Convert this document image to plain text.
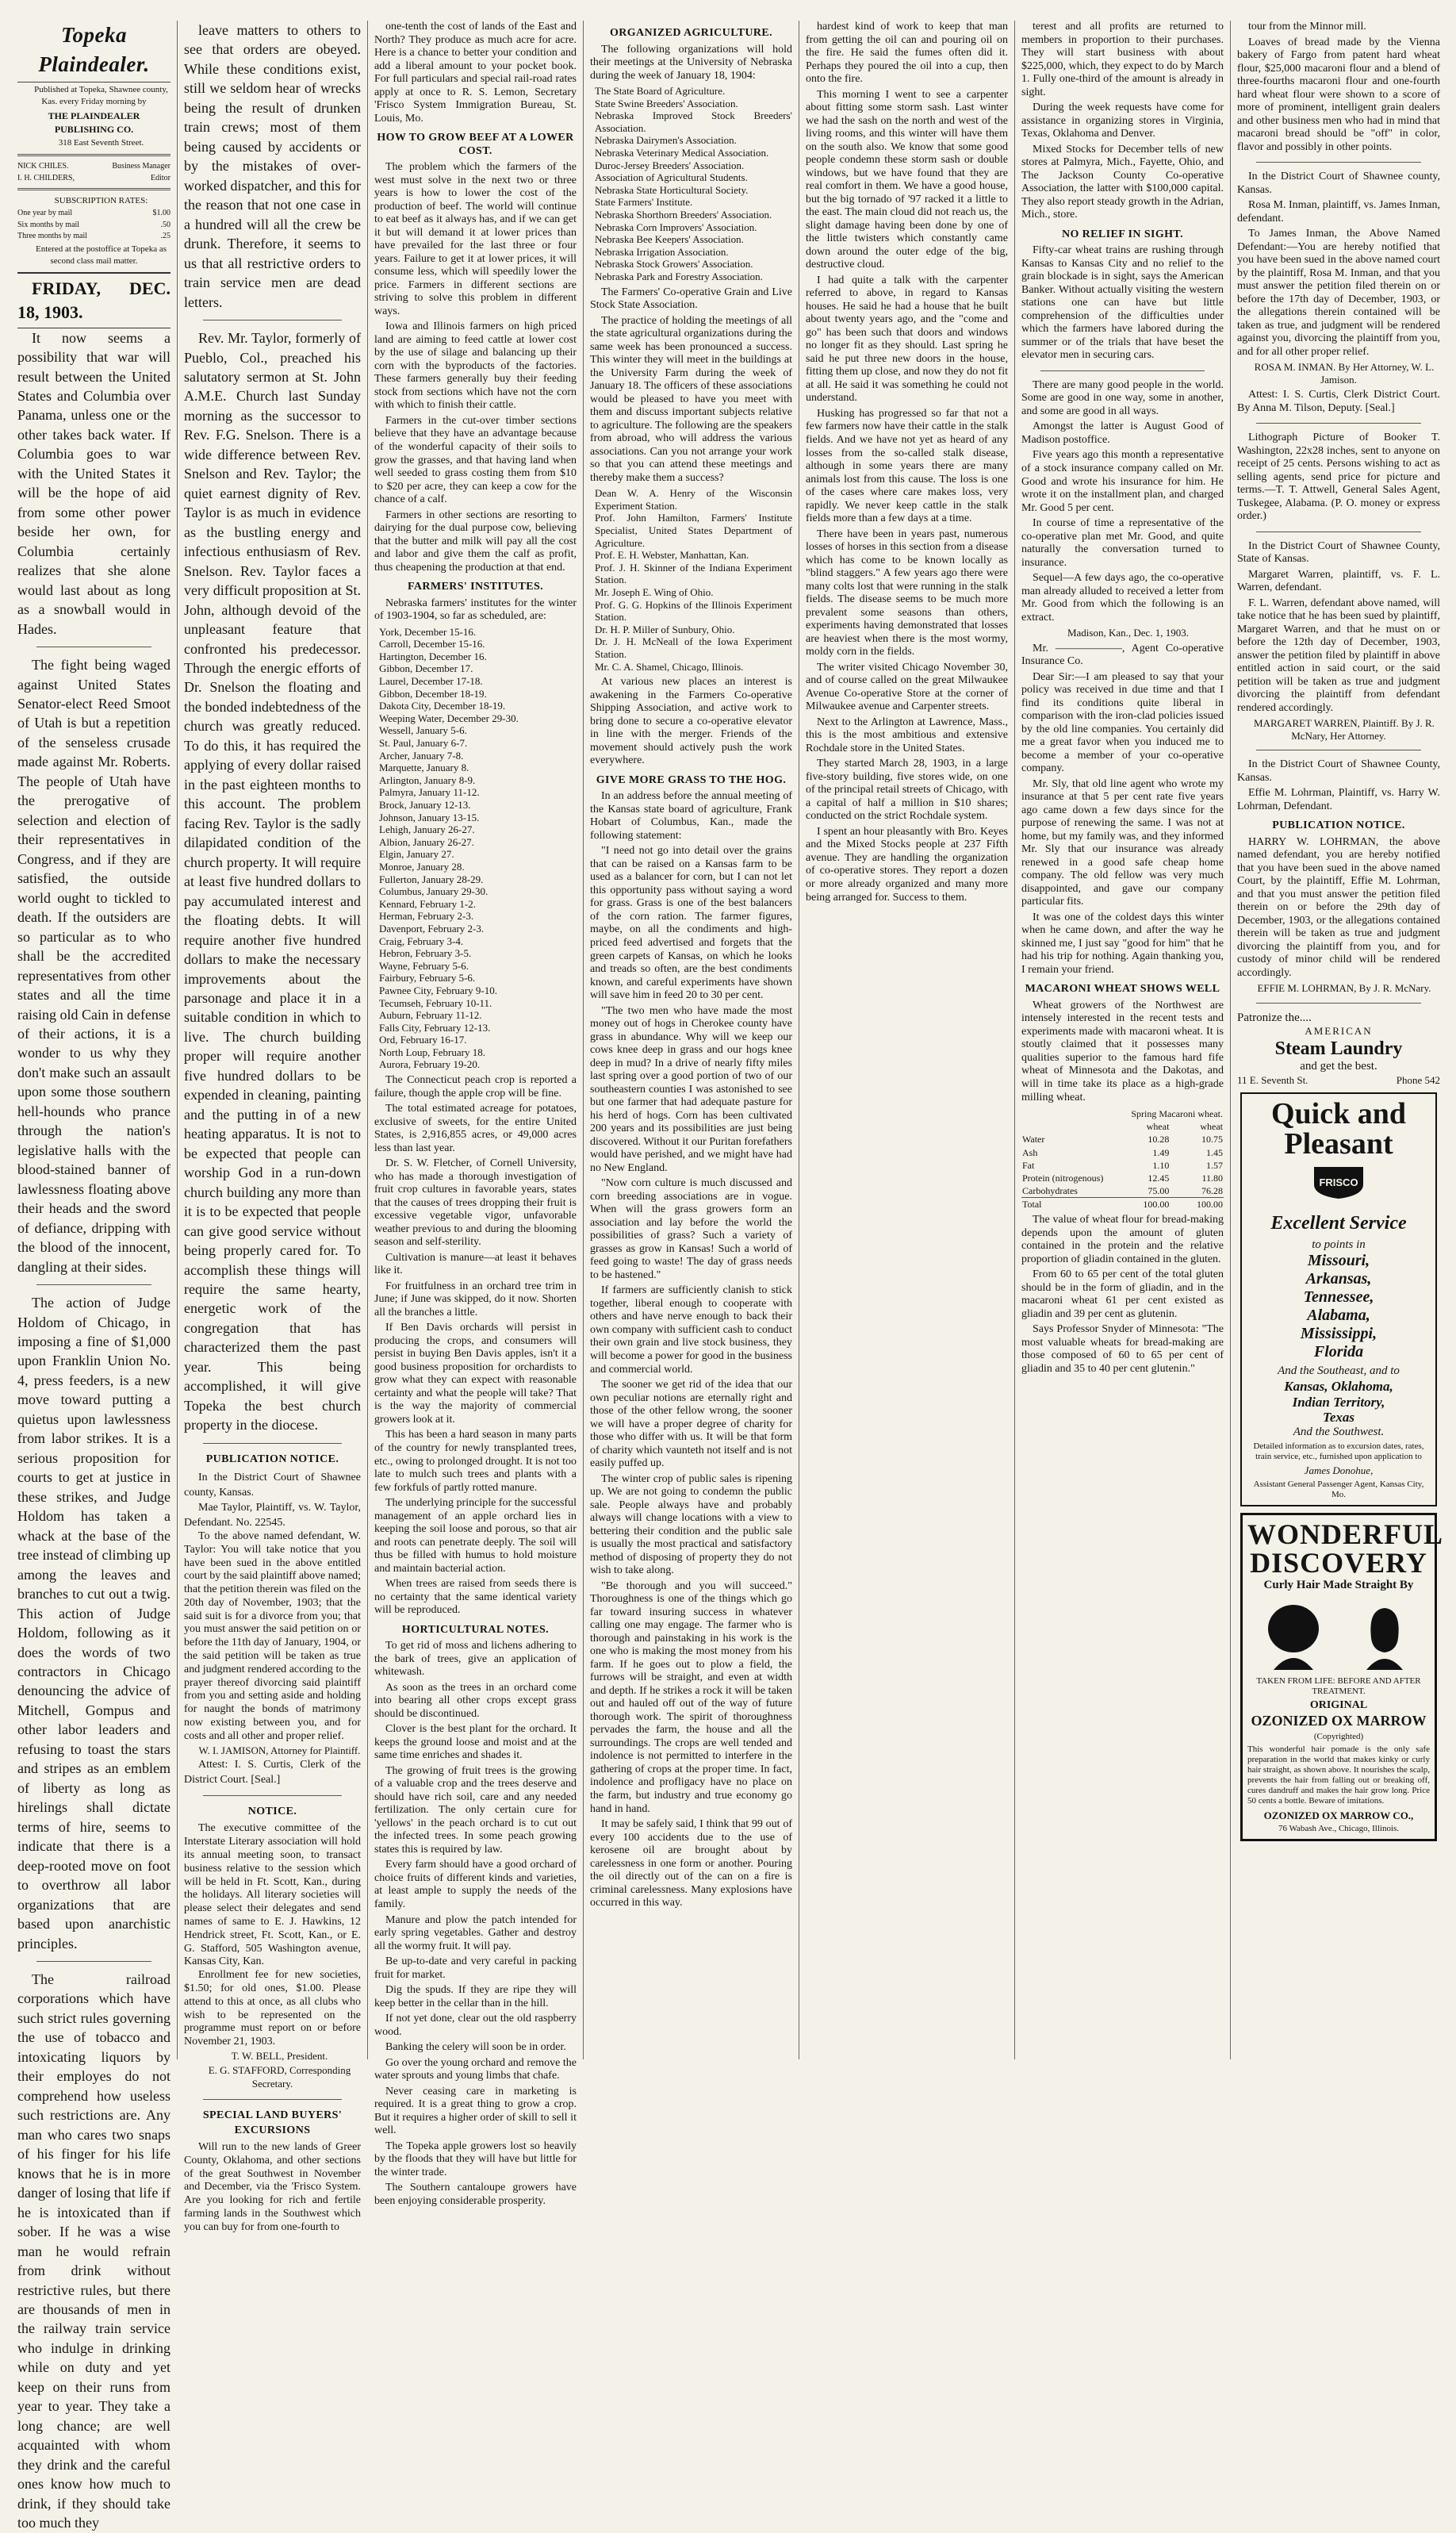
Topeka Plaindealer.

Published at Topeka, Shawnee county, Kas. every Friday morning by

THE PLAINDEALER PUBLISHING CO.

318 East Seventh Street.

NICK CHILES.	Business Manager
I. H. CHILDERS,	Editor

SUBSCRIPTION RATES:

One year by mail	$1.00
Six months by mail	.50
Three months by mail	.25

Entered at the postoffice at Topeka as second class mail matter.

FRIDAY, DEC. 18, 1903.

It now seems a possibility that war will result between the United States and Columbia over Panama, unless one or the other takes back water. If Columbia goes to war with the United States it will be the hope of aid from some other power beside her own, for Columbia certainly realizes that she alone would last about as long as a snowball would in Hades.

The fight being waged against United States Senator-elect Reed Smoot of Utah is but a repetition of the senseless crusade made against Mr. Roberts. The people of Utah have the prerogative of selection and election of their representatives in Congress, and if they are satisfied, the outside world ought to tickled to death. If the outsiders are so particular as to who shall be the accredited representatives from other states and all the time raising old Cain in defense of their actions, it is a wonder to us why they don't make such an assault upon some those southern hell-hounds who prance through the nation's legislative halls with the blood-stained banner of lawlessness floating above their heads and the sword of defiance, dripping with the blood of the innocent, dangling at their sides.

The action of Judge Holdom of Chicago, in imposing a fine of $1,000 upon Franklin Union No. 4, press feeders, is a new move toward putting a quietus upon lawlessness from labor strikes. It is a serious proposition for courts to get at justice in these strikes, and Judge Holdom has taken a whack at the base of the tree instead of climbing up among the leaves and branches to cut out a twig. This action of Judge Holdom, following as it does the words of two contractors in Chicago denouncing the advice of Mitchell, Gompus and other labor leaders and refusing to toast the stars and stripes as an emblem of liberty as long as hirelings shall dictate terms of hire, seems to indicate that there is a deep-rooted move on foot to overthrow all labor organizations that are based upon anarchistic principles.

The railroad corporations which have such strict rules governing the use of tobacco and intoxicating liquors by their employes do not comprehend how useless such restrictions are. Any man who cares two snaps of his finger for his life knows that he is in more danger of losing that life if he is intoxicated than if sober. If he was a wise man he would refrain from drink without restrictive rules, but there are thousands of men in the railway train service who indulge in drinking while on duty and yet keep on their runs from year to year. They take a long chance; are well acquainted with whom they drink and the careful ones know how much to drink, if they should take too much they

leave matters to others to see that orders are obeyed. While these conditions exist, still we seldom hear of wrecks being the result of drunken train crews; most of them being caused by accidents or by the mistakes of over-worked dispatcher, and this for the reason that not one case in a hundred will all the crew be drunk. Therefore, it seems to us that all restrictive orders to train service men are dead letters.

Rev. Mr. Taylor, formerly of Pueblo, Col., preached his salutatory sermon at St. John A.M.E. Church last Sunday morning as the successor to Rev. F.G. Snelson. There is a wide difference between Rev. Snelson and Rev. Taylor; the quiet earnest dignity of Rev. Taylor is as much in evidence as the bustling energy and infectious enthusiasm of Rev. Snelson. Rev. Taylor faces a very difficult proposition at St. John, although devoid of the unpleasant feature that confronted his predecessor. Through the energic efforts of Dr. Snelson the floating and the bonded indebtedness of the church was greatly reduced. To do this, it has required the applying of every dollar raised in the past eighteen months to this account. The problem facing Rev. Taylor is the sadly dilapidated condition of the church property. It will require at least five hundred dollars to pay accumulated interest and the floating debts. It will require another five hundred dollars to make the necessary improvements about the parsonage and place it in a suitable condition in which to live. The church building proper will require another five hundred dollars to be expended in cleaning, painting and the putting in of a new heating apparatus. It is not to be expected that people can worship God in a run-down church building any more than it is to be expected that people can give good service without being properly cared for. To accomplish these things will require the same hearty, energetic work of the congregation that has characterized them the past year. This being accomplished, it will give Topeka the best church property in the diocese.

PUBLICATION NOTICE.

In the District Court of Shawnee county, Kansas.

Mae Taylor, Plaintiff, vs. W. Taylor, Defendant. No. 22545.

To the above named defendant, W. Taylor: You will take notice that you have been sued in the above entitled court by the said plaintiff above named; that the petition therein was filed on the 20th day of November, 1903; that the said suit is for a divorce from you; that you must answer the said petition on or before the 11th day of January, 1904, or the said petition will be taken as true and judgment rendered according to the prayer thereof divorcing said plaintiff from you and setting aside and holding for naught the bonds of matrimony now existing between you, and for costs and all other and proper relief.

W. I. JAMISON, Attorney for Plaintiff.

Attest: I. S. Curtis, Clerk of the District Court. [Seal.]

NOTICE.

The executive committee of the Interstate Literary association will hold its annual meeting soon, to transact business relative to the session which will be held in Ft. Scott, Kan., during the holidays. All literary societies will please select their delegates and send names of same to E. J. Hawkins, 12 Hendrick street, Ft. Scott, Kan., or E. G. Stafford, 505 Washington avenue, Kansas City, Kan.

Enrollment fee for new societies, $1.50; for old ones, $1.00. Please attend to this at once, as all clubs who wish to be represented on the programme must report on or before November 21, 1903.

T. W. BELL, President.

E. G. STAFFORD, Corresponding Secretary.

SPECIAL LAND BUYERS' EXCURSIONS

Will run to the new lands of Greer County, Oklahoma, and other sections of the great Southwest in November and December, via the 'Frisco System. Are you looking for rich and fertile farming lands in the Southwest which you can buy for from one-fourth to

one-tenth the cost of lands of the East and North? They produce as much acre for acre. Here is a chance to better your condition and add a liberal amount to your pocket book. For full particulars and special rail-road rates apply at once to R. S. Lemon, Secretary 'Frisco System Immigration Bureau, St. Louis, Mo.

HOW TO GROW BEEF AT A LOWER COST.

The problem which the farmers of the west must solve in the next two or three years is how to lower the cost of the production of beef. The world will continue to eat beef as it always has, and if we can get it but will demand it at lower prices than have prevailed for the last three or four years. Failure to get it at lower prices, it will consume less, which will speedily lower the price. Farmers in different sections are striving to solve this problem in different ways.

Iowa and Illinois farmers on high priced land are aiming to feed cattle at lower cost by the use of silage and balancing up their corn with the byproducts of the factories. These farmers generally buy their feeding stock from sections which have not the corn with which to finish their cattle.

Farmers in the cut-over timber sections believe that they have an advantage because of the wonderful capacity of their soils to grow the grasses, and that having land when well seeded to grass costing them from $10 to $20 per acre, they can keep a cow for the chance of a calf.

Farmers in other sections are resorting to dairying for the dual purpose cow, believing that the butter and milk will pay all the cost and labor and give them the calf as profit, thus cheapening the production at that end.

FARMERS' INSTITUTES.

Nebraska farmers' institutes for the winter of 1903-1904, so far as scheduled, are:

York, December 15-16.
Carroll, December 15-16.
Hartington, December 16.
Gibbon, December 17.
Laurel, December 17-18.
Gibbon, December 18-19.
Dakota City, December 18-19.
Weeping Water, December 29-30.
Wessell, January 5-6.
St. Paul, January 6-7.
Archer, January 7-8.
Marquette, January 8.
Arlington, January 8-9.
Palmyra, January 11-12.
Brock, January 12-13.
Johnson, January 13-15.
Lehigh, January 26-27.
Albion, January 26-27.
Elgin, January 27.
Monroe, January 28.
Fullerton, January 28-29.
Columbus, January 29-30.
Kennard, February 1-2.
Herman, February 2-3.
Davenport, February 2-3.
Craig, February 3-4.
Hebron, February 3-5.
Wayne, February 5-6.
Fairbury, February 5-6.
Pawnee City, February 9-10.
Tecumseh, February 10-11.
Auburn, February 11-12.
Falls City, February 12-13.
Ord, February 16-17.
North Loup, February 18.
Aurora, February 19-20.

The Connecticut peach crop is reported a failure, though the apple crop will be fine.

The total estimated acreage for potatoes, exclusive of sweets, for the entire United States, is 2,916,855 acres, or 49,000 acres less than last year.

Dr. S. W. Fletcher, of Cornell University, who has made a thorough investigation of fruit crop cultures in favorable years, states that the causes of trees dropping their fruit is excessive vegetable vigor, unfavorable weather previous to and during the blooming season and self-sterility.

Cultivation is manure—at least it behaves like it.

For fruitfulness in an orchard tree trim in June; if June was skipped, do it now. Shorten all the branches a little.

If Ben Davis orchards will persist in producing the crops, and consumers will persist in buying Ben Davis apples, isn't it a good business proposition for orchardists to grow what they can expect with reasonable certainty and what the people will take? That is the way the majority of commercial growers look at it.

This has been a hard season in many parts of the country for newly transplanted trees, etc., owing to prolonged drought. It is not too late to mulch such trees and plants with a few forkfuls of partly rotted manure.

The underlying principle for the successful management of an apple orchard lies in keeping the soil loose and porous, so that air and roots can penetrate deeply. The soil will thus be filled with humus to hold moisture and maintain bacterial action.

When trees are raised from seeds there is no certainty that the same identical variety will be reproduced.

HORTICULTURAL NOTES.

To get rid of moss and lichens adhering to the bark of trees, give an application of whitewash.

As soon as the trees in an orchard come into bearing all other crops except grass should be discontinued.

Clover is the best plant for the orchard. It keeps the ground loose and moist and at the same time enriches and shades it.

The growing of fruit trees is the growing of a valuable crop and the trees deserve and should have rich soil, care and any needed fertilization. The only certain cure for 'yellows' in the peach orchard is to cut out the infected trees. In some peach growing states this is required by law.

Every farm should have a good orchard of choice fruits of different kinds and varieties, at least ample to supply the needs of the family.

Manure and plow the patch intended for early spring vegetables. Gather and destroy all the wormy fruit. It will pay.

Be up-to-date and very careful in packing fruit for market.

Dig the spuds. If they are ripe they will keep better in the cellar than in the hill.

If not yet done, clear out the old raspberry wood.

Banking the celery will soon be in order.

Go over the young orchard and remove the water sprouts and young limbs that chafe.

Never ceasing care in marketing is required. It is a great thing to grow a crop. But it requires a higher order of skill to sell it well.

The Topeka apple growers lost so heavily by the floods that they will have but little for the winter trade.

The Southern cantaloupe growers have been enjoying considerable prosperity.

ORGANIZED AGRICULTURE.

The following organizations will hold their meetings at the University of Nebraska during the week of January 18, 1904:

The State Board of Agriculture.
State Swine Breeders' Association.
Nebraska Improved Stock Breeders' Association.
Nebraska Dairymen's Association.
Nebraska Veterinary Medical Association.
Duroc-Jersey Breeders' Association.
Association of Agricultural Students.
Nebraska State Horticultural Society.
State Farmers' Institute.
Nebraska Shorthorn Breeders' Association.
Nebraska Corn Improvers' Association.
Nebraska Bee Keepers' Association.
Nebraska Irrigation Association.
Nebraska Stock Growers' Association.
Nebraska Park and Forestry Association.

The Farmers' Co-operative Grain and Live Stock State Association.

The practice of holding the meetings of all the state agricultural organizations during the same week has been pronounced a success. This winter they will meet in the buildings at the University Farm during the week of January 18. The officers of these associations would be pleased to have you meet with them and discuss important subjects relative to agriculture. The following are the speakers from abroad, who will address the various associations. Can you not arrange your work so that you can attend these meetings and thereby make them a success?

Dean W. A. Henry of the Wisconsin Experiment Station.
Prof. John Hamilton, Farmers' Institute Specialist, United States Department of Agriculture.
Prof. E. H. Webster, Manhattan, Kan.
Prof. J. H. Skinner of the Indiana Experiment Station.
Mr. Joseph E. Wing of Ohio.
Prof. G. G. Hopkins of the Illinois Experiment Station.
Dr. H. P. Miller of Sunbury, Ohio.
Dr. J. H. McNeall of the Iowa Experiment Station.
Mr. C. A. Shamel, Chicago, Illinois.

At various new places an interest is awakening in the Farmers Co-operative Shipping Association, and active work to bring done to secure a co-operative elevator in line with the merger. Friends of the movement should actively push the work everywhere.

GIVE MORE GRASS TO THE HOG.

In an address before the annual meeting of the Kansas state board of agriculture, Frank Hobart of Columbus, Kan., made the following statement:

"I need not go into detail over the grains that can be raised on a Kansas farm to be used as a balancer for corn, but I can not let this opportunity pass without saying a word for grass. Grass is one of the best balancers of the corn ration. The farmer figures, maybe, on all the condiments and high-priced feed advertised and forgets that the green carpets of Kansas, on which he looks and treads so often, are the best condiments known, and careful experiments have shown will save him in feed 20 to 30 per cent.

"The two men who have made the most money out of hogs in Cherokee county have grass in abundance. Why will we keep our cows knee deep in grass and our hogs knee deep in mud? In a drive of nearly fifty miles last spring over a good portion of two of our southeastern counties I was astonished to see but one farmer that had adequate pasture for his herd of hogs. Corn has been cultivated 200 years and its possibilities are just being discovered. Without it our Puritan forefathers would have perished, and we might have had no New England.

"Now corn culture is much discussed and corn breeding associations are in vogue. When will the grass growers form an association and lay before the world the possibilities of grass? Such a variety of grasses as grow in Kansas! Such a world of feed going to waste! The day of grass needs to be hastened."

If farmers are sufficiently clanish to stick together, liberal enough to cooperate with others and have nerve enough to back their own company with sufficient cash to conduct their own grain and live stock business, they will become a power for good in the business and commercial world.

The sooner we get rid of the idea that our own peculiar notions are eternally right and those of the other fellow wrong, the sooner we will have a proper degree of charity for those who differ with us. It will be that form of charity which vaunteth not itself and is not easily puffed up.

The winter crop of public sales is ripening up. We are not going to condemn the public sale. People always have and probably always will change locations with a view to bettering their condition and the public sale is usually the most practical and satisfactory method of disposing of property they do not wish to take along.

"Be thorough and you will succeed." Thoroughness is one of the things which go far toward insuring success in whatever calling one may engage. The farmer who is thorough and painstaking in his work is the one who is making the most money from his farm. If he goes out to plow a field, the furrows will be straight, and even at width and depth. If he strikes a rock it will be taken out and hauled off out of the way of future thorough work. The spirit of thoroughness pervades the farm, the house and all the surroundings. The crops are well tended and indolence is not permitted to interfere in the gathering of crops at the proper time. In fact, indolence and profligacy have no place on the farm, but industry and true economy go hand in hand.

It may be safely said, I think that 99 out of every 100 accidents due to the use of kerosene oil are brought about by carelessness in one form or another. Pouring the oil directly out of the can on a fire is criminal carelessness. Many explosions have occurred in this way.

hardest kind of work to keep that man from getting the oil can and pouring oil on the fire. He said the fumes often did it. Perhaps they poured the oil into a cup, then onto the fire.

This morning I went to see a carpenter about fitting some storm sash. Last winter we had the sash on the north and west of the living rooms, and this winter will have them on the south also. We know that some good people condemn these storm sash or double windows, but we have found that they are real comfort in them. We have a good house, but the big tornado of '97 racked it a little to the east. The main cloud did not reach us, the slight damage having been done by one of the little twisters which constantly came down around the outer edge of the big, destructive cloud.

I had quite a talk with the carpenter referred to above, in regard to Kansas houses. He said he had a house that he built about twenty years ago, and the "come and go" has been such that doors and windows no longer fit as they should. Last spring he said he put three new doors in the house, fitting them up close, and now they do not fit at all. He said it was something he could not understand.

Husking has progressed so far that not a few farmers now have their cattle in the stalk fields. And we have not yet as heard of any losses from the so-called stalk disease, although in some years there are many animals lost from this cause. The loss is one of the cases where care makes loss, very rapidly. We never keep cattle in the stalk fields more than a few days at a time.

There have been in years past, numerous losses of horses in this section from a disease which has come to be known locally as "blind staggers." A few years ago there were many colts lost that were running in the stalk fields. The disease seems to be much more prevalent some seasons than others, experiments having demonstrated that losses are heaviest when there is the most wormy, moldy corn in the fields.

The writer visited Chicago November 30, and of course called on the great Milwaukee Avenue Co-operative Store at the corner of Milwaukee avenue and Carpenter streets.

Next to the Arlington at Lawrence, Mass., this is the most ambitious and extensive Rochdale store in the United States.

They started March 28, 1903, in a large five-story building, five stores wide, on one of the principal retail streets of Chicago, with a capital of half a million in $10 shares; conducted on the strict Rochdale system.

I spent an hour pleasantly with Bro. Keyes and the Mixed Stocks people at 237 Fifth avenue. They are handling the organization of co-operative stores. They report a dozen or more already organized and many more being arranged for. Success to them.

terest and all profits are returned to members in proportion to their purchases. They will start business with about $225,000, which, they expect to do by March 1. Fully one-third of the amount is already in sight.

During the week requests have come for assistance in organizing stores in Virginia, Texas, Oklahoma and Denver.

Mixed Stocks for December tells of new stores at Palmyra, Mich., Fayette, Ohio, and The Jackson County Co-operative Association, the latter with $100,000 capital. They also report steady growth in the Adrian, Mich., store.

NO RELIEF IN SIGHT.

Fifty-car wheat trains are rushing through Kansas to Kansas City and no relief to the grain blockade is in sight, says the American Banker. Without actually visiting the western stations one can have but little comprehension of the difficulties under which the farmers have labored during the summer or of the trials that have beset the elevator men in securing cars.

There are many good people in the world. Some are good in one way, some in another, and some are good in all ways.

Amongst the latter is August Good of Madison postoffice.

Five years ago this month a representative of a stock insurance company called on Mr. Good and wrote his insurance for him. He wrote it on the installment plan, and charged Mr. Good 5 per cent.

In course of time a representative of the co-operative plan met Mr. Good, and quite naturally the conversation turned to insurance.

Sequel—A few days ago, the co-operative man already alluded to received a letter from Mr. Good from which the following is an extract.

Madison, Kan., Dec. 1, 1903.

Mr. ——————, Agent Co-operative Insurance Co.

Dear Sir:—I am pleased to say that your policy was received in due time and that I find its conditions quite liberal in comparison with the iron-clad policies issued by the old line companies. You certainly did me a great favor when you induced me to become a member of your co-operative company.

Mr. Sly, that old line agent who wrote my insurance at that 5 per cent rate five years ago came down a few days since for the purpose of renewing the same. I was not at home, but my family was, and they informed Mr. Sly that our insurance was already renewed in a good safe cheap home company. The old fellow was very much disappointed, and gave our company particular fits.

It was one of the coldest days this winter when he came down, and after the way he skinned me, I just say "good for him" that he had his trip for nothing. Again thanking you, I remain your friend.

MACARONI WHEAT SHOWS WELL

Wheat growers of the Northwest are intensely interested in the recent tests and experiments made with macaroni wheat. It is stoutly claimed that it possesses many qualities superior to the famous hard fife wheat of Minnesota and the Dakotas, and will in time take its place as a high-grade milling wheat.

	Spring Macaroni wheat.	
	wheat	wheat
Water	10.28	10.75
Ash	1.49	1.45
Fat	1.10	1.57
Protein (nitrogenous)	12.45	11.80
Carbohydrates	75.00	76.28
Total	100.00	100.00

The value of wheat flour for bread-making depends upon the amount of gluten contained in the protein and the relative proportion of gliadin contained in the gluten.

From 60 to 65 per cent of the total gluten should be in the form of gliadin, and in the macaroni wheat 61 per cent existed as gliadin and 39 per cent as glutenin.

Says Professor Snyder of Minnesota: "The most valuable wheats for bread-making are those composed of 60 to 65 per cent of gliadin and 35 to 40 per cent glutenin."

tour from the Minnor mill.

Loaves of bread made by the Vienna bakery of Fargo from patent hard wheat flour, $25,000 macaroni flour and a blend of three-fourths macaroni flour and one-fourth hard wheat flour were shown to a score of more of prominent, intelligent grain dealers and other business men who had in mind that macaroni bread should be "off" in color, flavor and possibly in other points.

In the District Court of Shawnee county, Kansas.

Rosa M. Inman, plaintiff, vs. James Inman, defendant.

To James Inman, the Above Named Defendant:—You are hereby notified that you have been sued in the above named court by the plaintiff, Rosa M. Inman, and that you must answer the petition filed therein on or before the 17th day of December, 1903, or the allegations therein contained will be taken as true, and judgment will be rendered against you, divorcing the plaintiff from you, and for all other proper relief.

ROSA M. INMAN. By Her Attorney, W. L. Jamison.

Attest: I. S. Curtis, Clerk District Court. By Anna M. Tilson, Deputy. [Seal.]

Lithograph Picture of Booker T. Washington, 22x28 inches, sent to anyone on receipt of 25 cents. Persons wishing to act as selling agents, send price for picture and terms.—T. T. Attwell, General Sales Agent, Tuskegee, Alabama. (P. O. money or express order.)

In the District Court of Shawnee County, State of Kansas.

Margaret Warren, plaintiff, vs. F. L. Warren, defendant.

F. L. Warren, defendant above named, will take notice that he has been sued by plaintiff, Margaret Warren, and that he must on or before the 12th day of December, 1903, answer the petition filed by plaintiff in above entitled action in said court, or the said petition will be taken as true and judgment divorcing the plaintiff from defendant rendered accordingly.

MARGARET WARREN, Plaintiff. By J. R. McNary, Her Attorney.

In the District Court of Shawnee County, Kansas.

Effie M. Lohrman, Plaintiff, vs. Harry W. Lohrman, Defendant.

PUBLICATION NOTICE.

HARRY W. LOHRMAN, the above named defendant, you are hereby notified that you have been sued in the above named Court, by the plaintiff, Effie M. Lohrman, and that you must answer the petition filed therein on or before the 29th day of December, 1903, or the allegations contained therein will be taken as true and judgment divorcing the plaintiff from you, and for custody of minor child will be rendered accordingly.

EFFIE M. LOHRMAN, By J. R. McNary.

Patronize the....
AMERICAN
Steam Laundry
and get the best.
11 E. Seventh St.	Phone 542
Quick and
Pleasant
FRISCO
Excellent Service
to points in
Missouri,
Arkansas,
Tennessee,
Alabama,
Mississippi,
Florida
And the Southeast, and to
Kansas, Oklahoma,
Indian Territory,
Texas
And the Southwest.
Detailed information as to excursion dates, rates, train service, etc., furnished upon application to
James Donohue,
Assistant General Passenger Agent, Kansas City, Mo.
WONDERFUL
DISCOVERY
Curly Hair Made Straight By
TAKEN FROM LIFE: BEFORE AND AFTER TREATMENT.
ORIGINAL
OZONIZED OX MARROW
(Copyrighted)
This wonderful hair pomade is the only safe preparation in the world that makes kinky or curly hair straight, as shown above. It nourishes the scalp, prevents the hair from falling out or breaking off, cures dandruff and makes the hair grow long. Price 50 cents a bottle. Beware of imitations.
OZONIZED OX MARROW CO.,
76 Wabash Ave., Chicago, Illinois.
